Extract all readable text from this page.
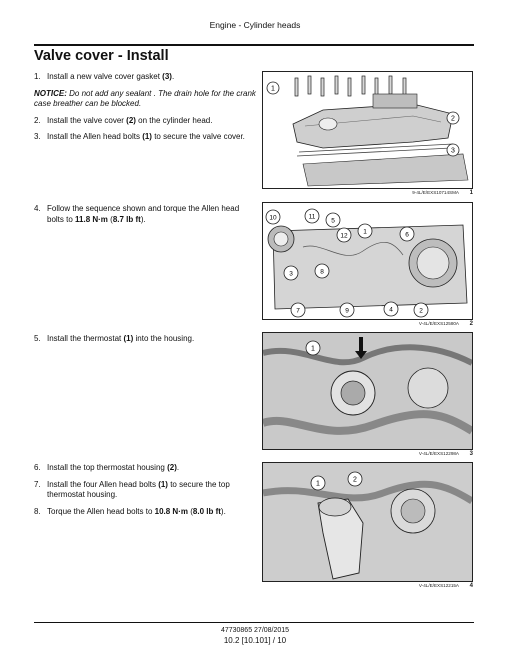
Engine - Cylinder heads
Valve cover - Install
1. Install a new valve cover gasket (3).
NOTICE: Do not add any sealant . The drain hole for the crank case breather can be blocked.
2. Install the valve cover (2) on the cylinder head.
3. Install the Allen head bolts (1) to secure the valve cover.
1
2
3
9-4L/E/EXS10714SMA 1
4. Follow the sequence shown and torque the Allen head bolts to 11.8 N·m (8.7 lb ft).	10	11
5
12
1	6
3	8
7	9	4	2
V-4L/E/EXS12580A 2
5. Install the thermostat (1) into the housing.
1
V-4L/E/EXS12298A 3
6. Install the top thermostat housing (2).
7. Install the four Allen head bolts (1) to secure the top thermostat housing.
8. Torque the Allen head bolts to 10.8 N·m (8.0 lb ft).
1
2
V-4L/E/EXS12215A 4
47730865 27/08/2015
10.2 [10.101] / 10
